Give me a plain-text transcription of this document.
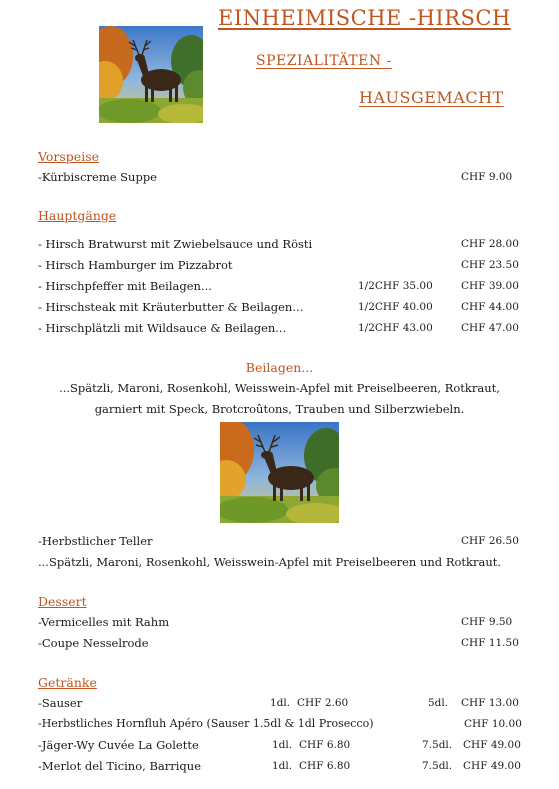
EINHEIMISCHE -HIRSCH
SPEZIALITÄTEN -
HAUSGEMACHT
Vorspeise
-Kürbiscreme Suppe	CHF 9.00
Hauptgänge
- Hirsch Bratwurst mit Zwiebelsauce und Rösti	CHF 28.00
- Hirsch Hamburger im Pizzabrot	CHF 23.50
- Hirschpfeffer mit Beilagen...	1/2CHF 35.00	CHF 39.00
- Hirschsteak mit Kräuterbutter & Beilagen...	1/2CHF 40.00	CHF 44.00
- Hirschplätzli mit Wildsauce & Beilagen...	1/2CHF 43.00	CHF 47.00
Beilagen...
...Spätzli, Maroni, Rosenkohl, Weisswein-Apfel mit Preiselbeeren, Rotkraut,
garniert mit Speck, Brotcroûtons, Trauben und Silberzwiebeln.
-Herbstlicher Teller	CHF 26.50
...Spätzli, Maroni, Rosenkohl, Weisswein-Apfel mit Preiselbeeren und Rotkraut.
Dessert
-Vermicelles mit Rahm	CHF 9.50
-Coupe Nesselrode	CHF 11.50
Getränke
-Sauser	1dl. CHF 2.60	5dl. CHF 13.00
-Herbstliches Hornfluh Apéro (Sauser 1.5dl & 1dl Prosecco)	CHF 10.00
-Jäger-Wy Cuvée La Golette	1dl. CHF 6.80	7.5dl. CHF 49.00
-Merlot del Ticino, Barrique	1dl. CHF 6.80	7.5dl. CHF 49.00
